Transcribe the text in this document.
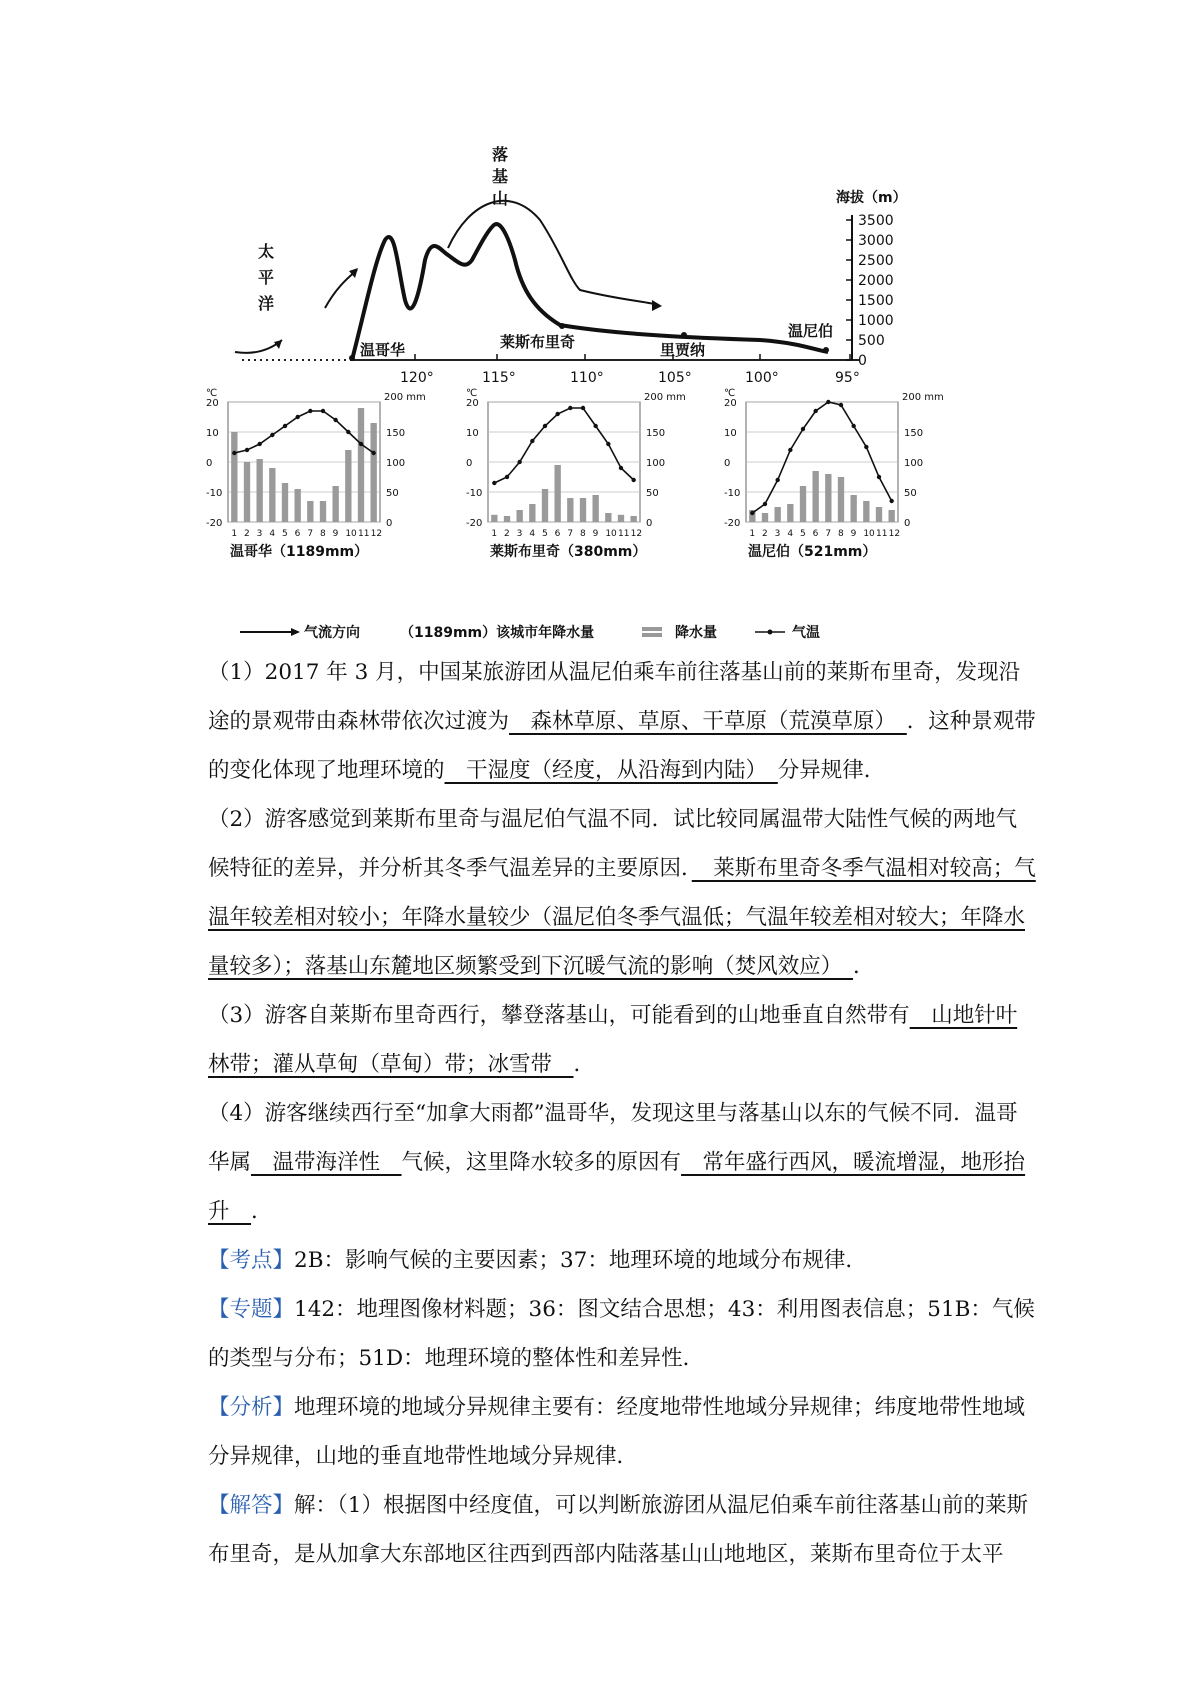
3500
3000
2500
2000
1500
1000
500
0
120°	115°	110°	105°	100°	95°
海拔（m）
落
基
山
太
平
洋
温哥华	莱斯布里奇	里贾纳
温尼伯
℃	200 mm
20
10
0
-10
-20
150
100
50
0
1 2 3 4 5 6 7 8 9 10 11 12
温哥华（1189mm）
℃	200 mm
20
10
0
-10
-20
150
100
50
0
1 2 3 4 5 6 7 8 9 10 11 12
莱斯布里奇（380mm）
℃	200 mm
20
10
0
-10
-20
150
100
50
0
1 2 3 4 5 6 7 8 9 10 11 12
温尼伯（521mm）
气流方向	（1189mm）该城市年降水量	降水量	气温

（1）2017 年 3 月，中国某旅游团从温尼伯乘车前往落基山前的莱斯布里奇，发现沿途的景观带由森林带依次过渡为　森林草原、草原、干草原（荒漠草原）　．这种景观带的变化体现了地理环境的　干湿度（经度，从沿海到内陆）　分异规律．

（2）游客感觉到莱斯布里奇与温尼伯气温不同．试比较同属温带大陆性气候的两地气候特征的差异，并分析其冬季气温差异的主要原因．　莱斯布里奇冬季气温相对较高；气温年较差相对较小；年降水量较少（温尼伯冬季气温低；气温年较差相对较大；年降水量较多）；落基山东麓地区频繁受到下沉暖气流的影响（焚风效应）　．

（3）游客自莱斯布里奇西行，攀登落基山，可能看到的山地垂直自然带有　山地针叶林带；灌从草甸（草甸）带；冰雪带　．

（4）游客继续西行至“加拿大雨都”温哥华，发现这里与落基山以东的气候不同．温哥华属　温带海洋性　气候，这里降水较多的原因有　常年盛行西风，暖流增湿，地形抬升　．

【考点】2B：影响气候的主要因素；37：地理环境的地域分布规律．

【专题】142：地理图像材料题；36：图文结合思想；43：利用图表信息；51B：气候的类型与分布；51D：地理环境的整体性和差异性．

【分析】地理环境的地域分异规律主要有：经度地带性地域分异规律；纬度地带性地域分异规律，山地的垂直地带性地域分异规律．

【解答】解：（1）根据图中经度值，可以判断旅游团从温尼伯乘车前往落基山前的莱斯布里奇，是从加拿大东部地区往西到西部内陆落基山山地地区，莱斯布里奇位于太平
